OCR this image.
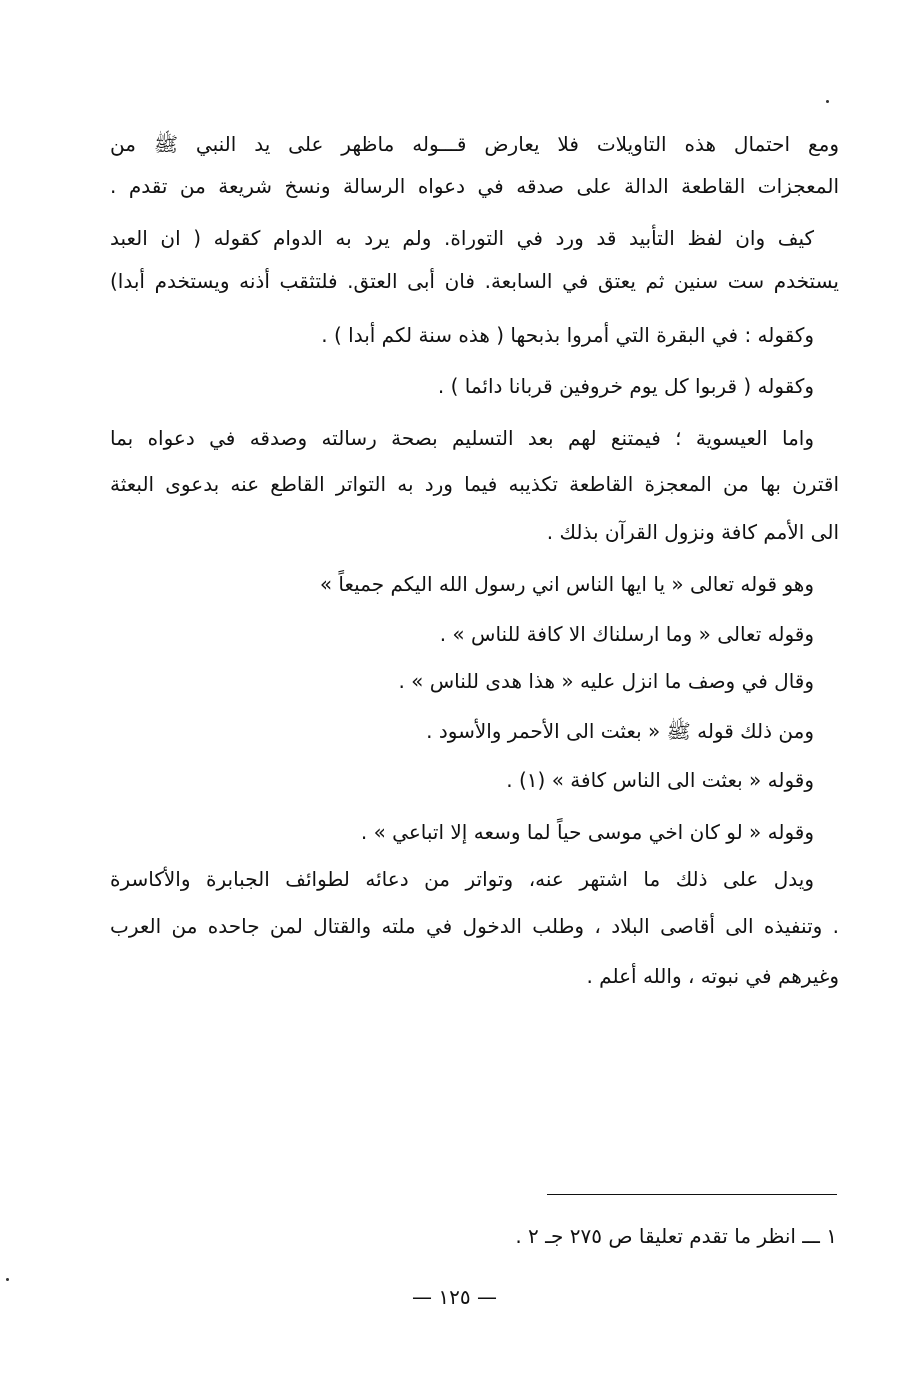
ومع احتمال هذه التاويلات فلا يعارض قـــوله ماظهر على يد النبي ﷺ من
المعجزات القاطعة الدالة على صدقه في دعواه الرسالة ونسخ شريعة من تقدم .
كيف وان لفظ التأبيد قد ورد في التوراة. ولم يرد به الدوام كقوله ( ان العبد
يستخدم ست سنين ثم يعتق في السابعة. فان أبى العتق. فلتثقب أذنه ويستخدم أبدا)
وكقوله : في البقرة التي أمروا بذبحها ( هذه سنة لكم أبدا ) .
وكقوله ( قربوا كل يوم خروفين قربانا دائما ) .
واما العيسوية ؛ فيمتنع لهم بعد التسليم بصحة رسالته وصدقه في دعواه بما
اقترن بها من المعجزة القاطعة تكذيبه فيما ورد به التواتر القاطع عنه بدعوى البعثة
الى الأمم كافة ونزول القرآن بذلك .
وهو قوله تعالى « يا ايها الناس اني رسول الله اليكم جميعاً »
وقوله تعالى « وما ارسلناك الا كافة للناس » .
وقال في وصف ما انزل عليه « هذا هدى للناس » .
ومن ذلك قوله ﷺ « بعثت الى الأحمر والأسود .
وقوله « بعثت الى الناس كافة » (١) .
وقوله « لو كان اخي موسى حياً لما وسعه إلا اتباعي » .
ويدل على ذلك ما اشتهر عنه، وتواتر من دعائه لطوائف الجبابرة والأكاسرة
. وتنفيذه الى أقاصى البلاد ، وطلب الدخول في ملته والقتال لمن جاحده من العرب
وغيرهم في نبوته ، والله أعلم .
١ ـــ انظر ما تقدم تعليقا ص ٢٧٥ جـ ٢ .
— ١٢٥ —
